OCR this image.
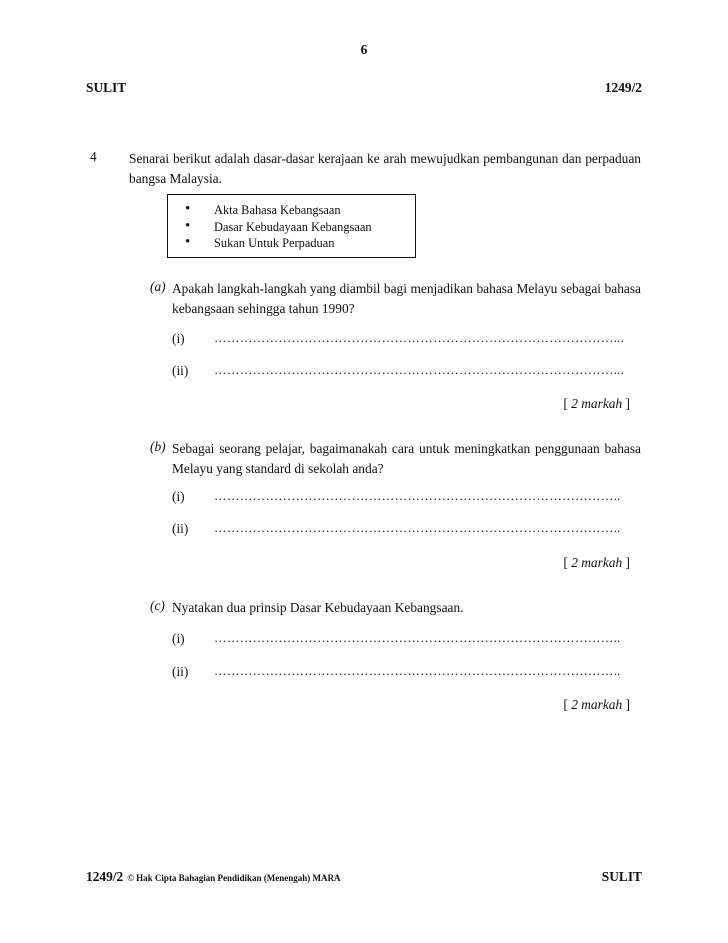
6
SULIT	1249/2
4 Senarai berikut adalah dasar-dasar kerajaan ke arah mewujudkan pembangunan dan perpaduan bangsa Malaysia.
• Akta Bahasa Kebangsaan
• Dasar Kebudayaan Kebangsaan
• Sukan Untuk Perpaduan
(a) Apakah langkah-langkah yang diambil bagi menjadikan bahasa Melayu sebagai bahasa kebangsaan sehingga tahun 1990?
(i) …………………………………………………………………………………...
(ii) …………………………………………………………………………………...
[ 2 markah ]
(b) Sebagai seorang pelajar, bagaimanakah cara untuk meningkatkan penggunaan bahasa Melayu yang standard di sekolah anda?
(i) …………………………………………………………………………………..
(ii) …………………………………………………………………………………..
[ 2 markah ]
(c) Nyatakan dua prinsip Dasar Kebudayaan Kebangsaan.
(i) …………………………………………………………………………………..
(ii) …………………………………………………………………………………..
[ 2 markah ]
1249/2 © Hak Cipta Bahagian Pendidikan (Menengah) MARA	SULIT
